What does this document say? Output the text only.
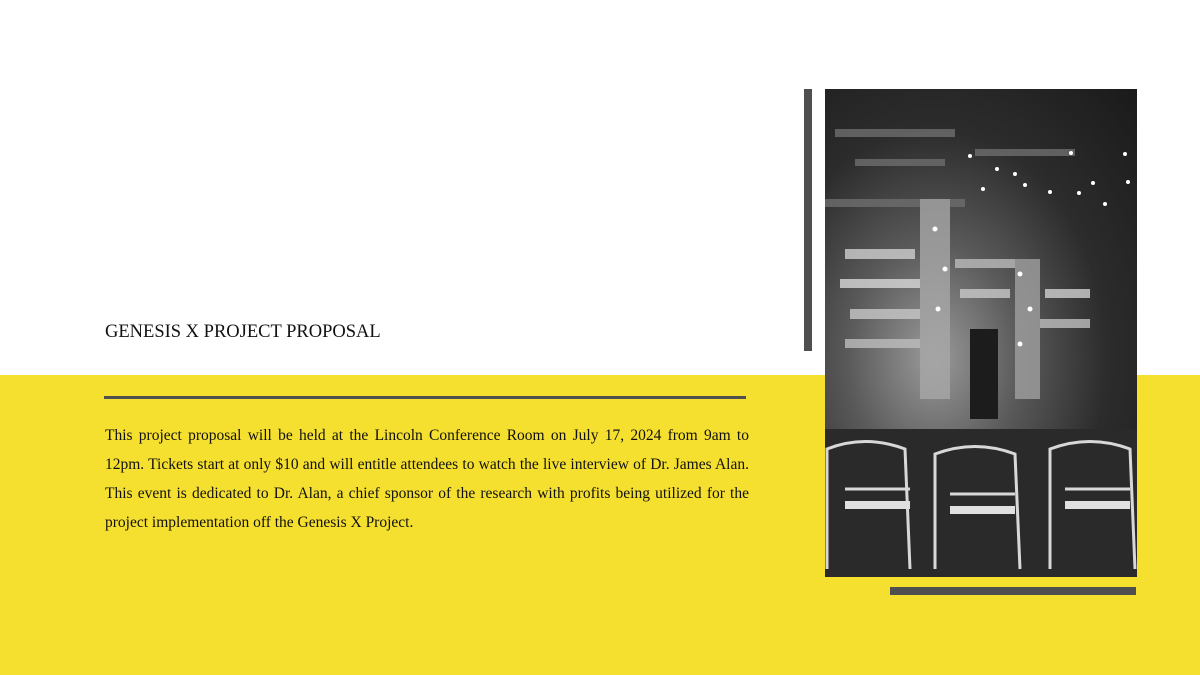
GENESIS X PROJECT PROPOSAL
This project proposal will be held at the Lincoln Conference Room on July 17, 2024 from 9am to 12pm. Tickets start at only $10 and will entitle attendees to watch the live interview of Dr. James Alan. This event is dedicated to Dr. Alan, a chief sponsor of the research with profits being utilized for the project implementation off the Genesis X Project.
